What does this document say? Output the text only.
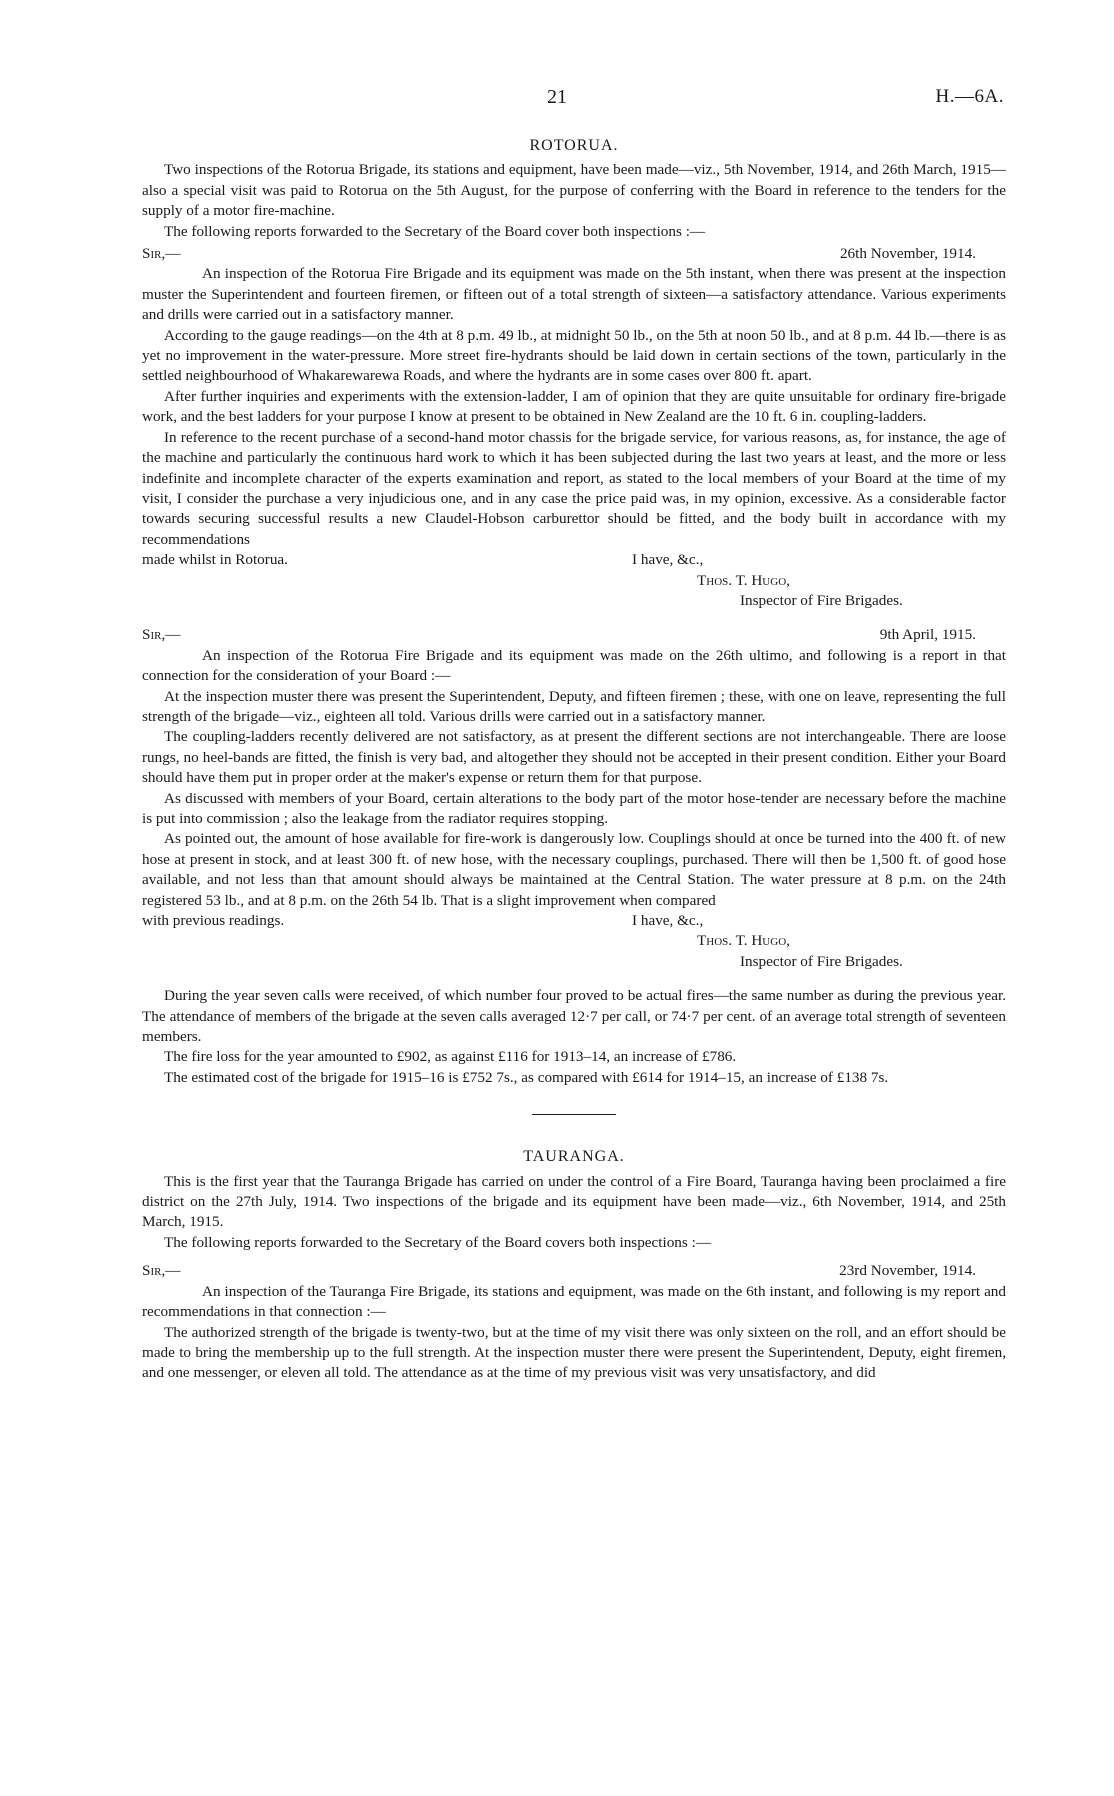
21	H.—6A.
ROTORUA.

Two inspections of the Rotorua Brigade, its stations and equipment, have been made—viz., 5th November, 1914, and 26th March, 1915—also a special visit was paid to Rotorua on the 5th August, for the purpose of conferring with the Board in reference to the tenders for the supply of a motor fire-machine.

The following reports forwarded to the Secretary of the Board cover both inspections :—

Sir,—	26th November, 1914.

An inspection of the Rotorua Fire Brigade and its equipment was made on the 5th instant, when there was present at the inspection muster the Superintendent and fourteen firemen, or fifteen out of a total strength of sixteen—a satisfactory attendance. Various experiments and drills were carried out in a satisfactory manner.

According to the gauge readings—on the 4th at 8 p.m. 49 lb., at midnight 50 lb., on the 5th at noon 50 lb., and at 8 p.m. 44 lb.—there is as yet no improvement in the water-pressure. More street fire-hydrants should be laid down in certain sections of the town, particularly in the settled neighbourhood of Whakarewarewa Roads, and where the hydrants are in some cases over 800 ft. apart.

After further inquiries and experiments with the extension-ladder, I am of opinion that they are quite unsuitable for ordinary fire-brigade work, and the best ladders for your purpose I know at present to be obtained in New Zealand are the 10 ft. 6 in. coupling-ladders.

In reference to the recent purchase of a second-hand motor chassis for the brigade service, for various reasons, as, for instance, the age of the machine and particularly the continuous hard work to which it has been subjected during the last two years at least, and the more or less indefinite and incomplete character of the experts examination and report, as stated to the local members of your Board at the time of my visit, I consider the purchase a very injudicious one, and in any case the price paid was, in my opinion, excessive. As a considerable factor towards securing successful results a new Claudel-Hobson carburettor should be fitted, and the body built in accordance with my recommendations

made whilst in Rotorua.	I have, &c.,
Thos. T. Hugo,
Inspector of Fire Brigades.
Sir,—	9th April, 1915.

An inspection of the Rotorua Fire Brigade and its equipment was made on the 26th ultimo, and following is a report in that connection for the consideration of your Board :—

At the inspection muster there was present the Superintendent, Deputy, and fifteen firemen ; these, with one on leave, representing the full strength of the brigade—viz., eighteen all told. Various drills were carried out in a satisfactory manner.

The coupling-ladders recently delivered are not satisfactory, as at present the different sections are not interchangeable. There are loose rungs, no heel-bands are fitted, the finish is very bad, and altogether they should not be accepted in their present condition. Either your Board should have them put in proper order at the maker's expense or return them for that purpose.

As discussed with members of your Board, certain alterations to the body part of the motor hose-tender are necessary before the machine is put into commission ; also the leakage from the radiator requires stopping.

As pointed out, the amount of hose available for fire-work is dangerously low. Couplings should at once be turned into the 400 ft. of new hose at present in stock, and at least 300 ft. of new hose, with the necessary couplings, purchased. There will then be 1,500 ft. of good hose available, and not less than that amount should always be maintained at the Central Station. The water pressure at 8 p.m. on the 24th registered 53 lb., and at 8 p.m. on the 26th 54 lb. That is a slight improvement when compared

with previous readings.	I have, &c.,
Thos. T. Hugo,
Inspector of Fire Brigades.

During the year seven calls were received, of which number four proved to be actual fires—the same number as during the previous year. The attendance of members of the brigade at the seven calls averaged 12·7 per call, or 74·7 per cent. of an average total strength of seventeen members.

The fire loss for the year amounted to £902, as against £116 for 1913–14, an increase of £786.

The estimated cost of the brigade for 1915–16 is £752 7s., as compared with £614 for 1914–15, an increase of £138 7s.

TAURANGA.

This is the first year that the Tauranga Brigade has carried on under the control of a Fire Board, Tauranga having been proclaimed a fire district on the 27th July, 1914. Two inspections of the brigade and its equipment have been made—viz., 6th November, 1914, and 25th March, 1915.

The following reports forwarded to the Secretary of the Board covers both inspections :—

Sir,—	23rd November, 1914.

An inspection of the Tauranga Fire Brigade, its stations and equipment, was made on the 6th instant, and following is my report and recommendations in that connection :—

The authorized strength of the brigade is twenty-two, but at the time of my visit there was only sixteen on the roll, and an effort should be made to bring the membership up to the full strength. At the inspection muster there were present the Superintendent, Deputy, eight firemen, and one messenger, or eleven all told. The attendance as at the time of my previous visit was very unsatisfactory, and did
